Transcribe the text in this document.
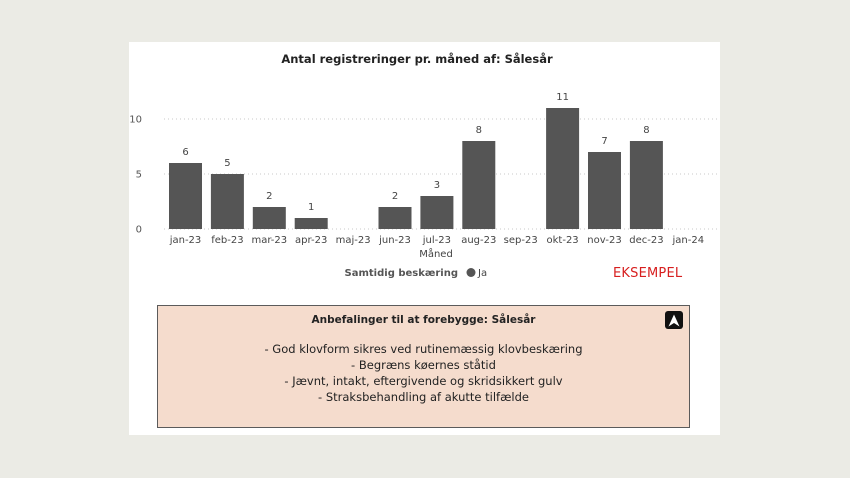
Antal registreringer pr. måned af: Sålesår
0
5
10
6
5
2
1
2
3
8
11
7
8
jan-23 feb-23 mar-23 apr-23 maj-23 jun-23 jul-23 aug-23 sep-23 okt-23 nov-23 dec-23 jan-24
Måned
Samtidig beskæring Ja	EKSEMPEL
Anbefalinger til at forebygge: Sålesår
- God klovform sikres ved rutinemæssig klovbeskæring
- Begræns køernes ståtid
- Jævnt, intakt, eftergivende og skridsikkert gulv
- Straksbehandling af akutte tilfælde
